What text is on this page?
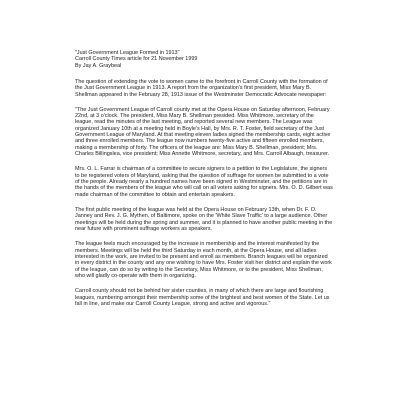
"Just Government League Formed in 1913"

Carroll County Times article for 21 November 1999

By Jay A. Graybeal

The question of extending the vote to women came to the forefront in Carroll County with the formation of the Just Government League in 1913. A report from the organization's first president, Miss Mary B. Shellman appeared in the February 28, 1913 issue of the Westminster Democratic Advocate newspaper:

"The Just Government League of Carroll county met at the Opera House on Saturday afternoon, February 22nd, at 3 o'clock. The president, Miss Mary B. Shellman presided. Miss Whitmore, secretary of the league, read the minutes of the last meeting, and reported several new members. The League was organized January 10th at a meeting held in Boyle's Hall, by Mrs. R. T. Foster, field secretary of the Just Government League of Maryland. At that meeting eleven ladies signed the membership cards, eight active and three enrolled members. The league now numbers twenty-five active and fifteen enrolled members, making a membership of forty. The officers of the league are: Miss Mary B. Shellman, president; Mrs. Charles Billingslea, vice president; Miss Annette Whitmore, secretary, and Mrs. Carroll Albaugh, treasurer.

Mrs. O. L. Farrar is chairman of a committee to secure signers to a petition to the Legislature, the signers to be registered voters of Maryland, asking that the question of suffrage for women be submitted to a vote of the people. Already nearly a hundred names have been signed in Westminster, and the petitions are in the hands of the members of the league who will call on all voters asking for signers. Mrs. O. D. Gilbert was made chairman of the committee to obtain and entertain speakers.

The first public meeting of the league was held at the Opera House on February 13th, when Dr. F. O. Janney and Rev. J. G. Mythen, of Baltimore, spoke on the 'White Slave Traffic' to a large audience. Other meetings will be held during the spring and summer, and it is planned to have another public meeting in the near future with prominent suffrage workers as speakers.

The league feels much encouraged by the increase in membership and the interest manifested by the members. Meetings will be held the third Saturday in each month, at the Opera House, and all ladies interested in the work, are invited to be present and enroll as members. Branch leagues will be organized in every district in the county and any one wishing to have Mrs. Foster visit her district and explain the work of the league, can do so by writing to the Secretary, Miss Whitmore, or to the president, Miss Shellman, who will gladly co-operate with them in organizing.

Carroll county should not be behind her sister counties, in many of which there are large and flourishing leagues, numbering amongst their membership some of the brightest and best women of the State. Let us fall in line, and make our Carroll County League, strong and active and vigorous."
